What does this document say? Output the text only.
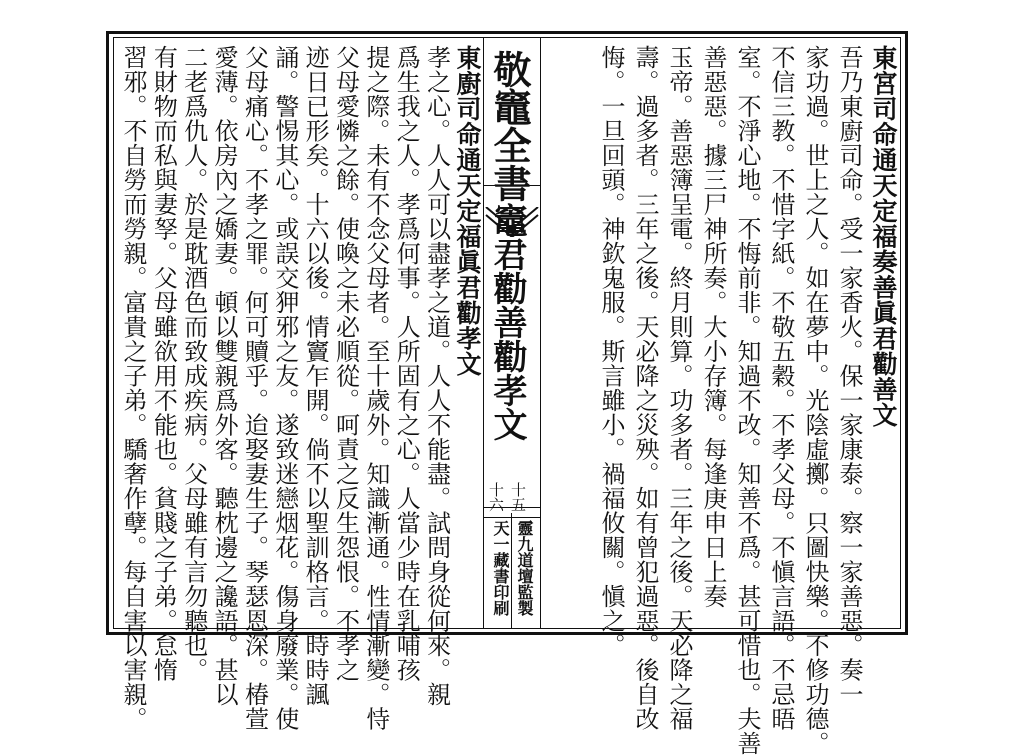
敬竈全書
竈君勸善勸孝文
十五
十六
靈九道壇監製
天一藏書印刷
東宮司命通天定福奏善眞君勸善文
吾乃東廚司命。受一家香火。保一家康泰。察一家善惡。奏一
家功過。世上之人。如在夢中。光陰虛擲。只圖快樂。不修功德。
不信三教。不惜字紙。不敬五穀。不孝父母。不愼言語。不忌晤
室。不淨心地。不悔前非。知過不改。知善不爲。甚可惜也。夫善
善惡惡。據三尸神所奏。大小存簿。每逢庚申日上奏
玉帝。善惡簿呈電。終月則算。功多者。三年之後。天必降之福
壽。過多者。三年之後。天必降之災殃。如有曾犯過惡。後自改
悔。一旦回頭。神欽鬼服。斯言雖小。禍福攸關。愼之。
東廚司命通天定福眞君勸孝文
孝之心。人人可以盡孝之道。人人不能盡。試問身從何來。親
爲生我之人。孝爲何事。人所固有之心。人當少時在乳哺孩
提之際。未有不念父母者。至十歲外。知識漸通。性情漸變。恃
父母愛憐之餘。使喚之未必順從。呵責之反生怨恨。不孝之
迹日已形矣。十六以後。情竇乍開。倘不以聖訓格言。時時諷
誦。警惕其心。或誤交狎邪之友。遂致迷戀烟花。傷身廢業。使
父母痛心。不孝之罪。何可贖乎。迨娶妻生子。琴瑟恩深。椿萱
愛薄。依房內之嬌妻。頓以雙親爲外客。聽枕邊之讒語。甚以
二老爲仇人。於是耽酒色而致成疾病。父母雖有言勿聽也。
有財物而私與妻孥。父母雖欲用不能也。貧賤之子弟。怠惰
習邪。不自勞而勞親。富貴之子弟。驕奢作孽。每自害以害親。
